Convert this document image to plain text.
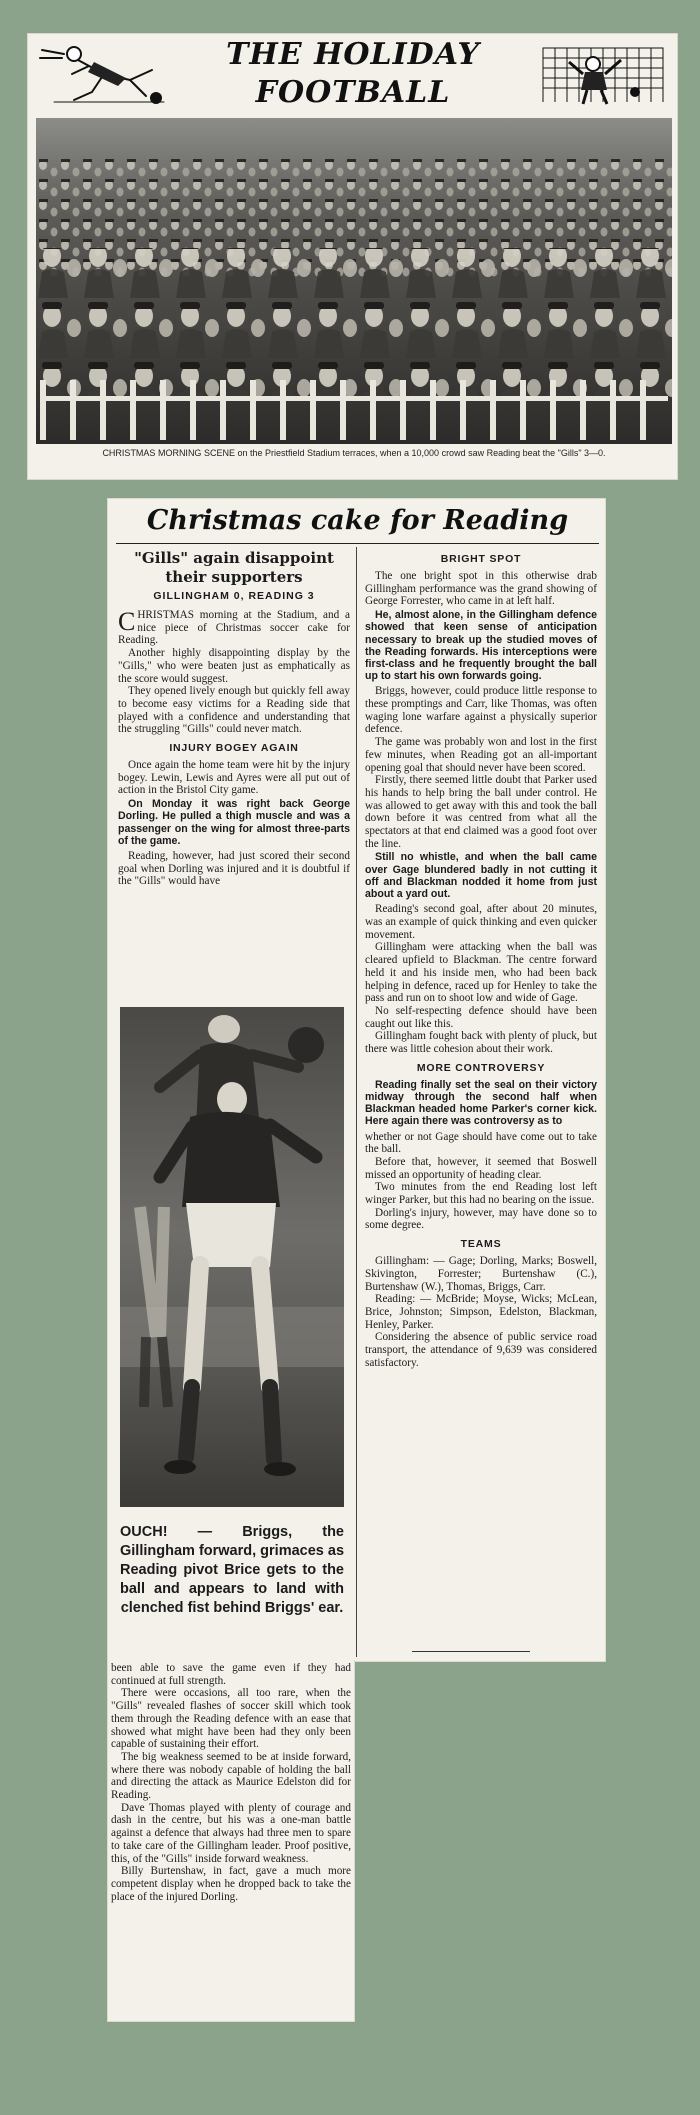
THE HOLIDAY
FOOTBALL
CHRISTMAS MORNING SCENE on the Priestfield Stadium terraces, when a 10,000 crowd saw Reading beat the "Gills" 3—0.
Christmas cake for Reading
"Gills" again disappoint their supporters
GILLINGHAM 0, READING 3

CHRISTMAS morning at the Stadium, and a nice piece of Christmas soccer cake for Reading.

Another highly disappointing display by the "Gills," who were beaten just as emphatically as the score would suggest.

They opened lively enough but quickly fell away to become easy victims for a Reading side that played with a confidence and understanding that the struggling "Gills" could never match.

INJURY BOGEY AGAIN

Once again the home team were hit by the injury bogey. Lewin, Lewis and Ayres were all put out of action in the Bristol City game.

On Monday it was right back George Dorling. He pulled a thigh muscle and was a passenger on the wing for almost three-parts of the game.

Reading, however, had just scored their second goal when Dorling was injured and it is doubtful if the "Gills" would have

OUCH! — Briggs, the Gillingham forward, grimaces as Reading pivot Brice gets to the ball and appears to land with clenched fist behind Briggs' ear.
BRIGHT SPOT

The one bright spot in this otherwise drab Gillingham performance was the grand showing of George Forrester, who came in at left half.

He, almost alone, in the Gillingham defence showed that keen sense of anticipation necessary to break up the studied moves of the Reading forwards. His interceptions were first-class and he frequently brought the ball up to start his own forwards going.

Briggs, however, could produce little response to these promptings and Carr, like Thomas, was often waging lone warfare against a physically superior defence.

The game was probably won and lost in the first few minutes, when Reading got an all-important opening goal that should never have been scored.

Firstly, there seemed little doubt that Parker used his hands to help bring the ball under control. He was allowed to get away with this and took the ball down before it was centred from what all the spectators at that end claimed was a good foot over the line.

Still no whistle, and when the ball came over Gage blundered badly in not cutting it off and Blackman nodded it home from just about a yard out.

Reading's second goal, after about 20 minutes, was an example of quick thinking and even quicker movement.

Gillingham were attacking when the ball was cleared upfield to Blackman. The centre forward held it and his inside men, who had been back helping in defence, raced up for Henley to take the pass and run on to shoot low and wide of Gage.

No self-respecting defence should have been caught out like this.

Gillingham fought back with plenty of pluck, but there was little cohesion about their work.

MORE CONTROVERSY

Reading finally set the seal on their victory midway through the second half when Blackman headed home Parker's corner kick. Here again there was controversy as to

whether or not Gage should have come out to take the ball.

Before that, however, it seemed that Boswell missed an opportunity of heading clear.

Two minutes from the end Reading lost left winger Parker, but this had no bearing on the issue.

Dorling's injury, however, may have done so to some degree.

TEAMS

Gillingham: — Gage; Dorling, Marks; Boswell, Skivington, Forrester; Burtenshaw (C.), Burtenshaw (W.), Thomas, Briggs, Carr.

Reading: — McBride; Moyse, Wicks; McLean, Brice, Johnston; Simpson, Edelston, Blackman, Henley, Parker.

Considering the absence of public service road transport, the attendance of 9,639 was considered satisfactory.

been able to save the game even if they had continued at full strength.

There were occasions, all too rare, when the "Gills" revealed flashes of soccer skill which took them through the Reading defence with an ease that showed what might have been had they only been capable of sustaining their effort.

The big weakness seemed to be at inside forward, where there was nobody capable of holding the ball and directing the attack as Maurice Edelston did for Reading.

Dave Thomas played with plenty of courage and dash in the centre, but his was a one-man battle against a defence that always had three men to spare to take care of the Gillingham leader. Proof positive, this, of the "Gills" inside forward weakness.

Billy Burtenshaw, in fact, gave a much more competent display when he dropped back to take the place of the injured Dorling.
